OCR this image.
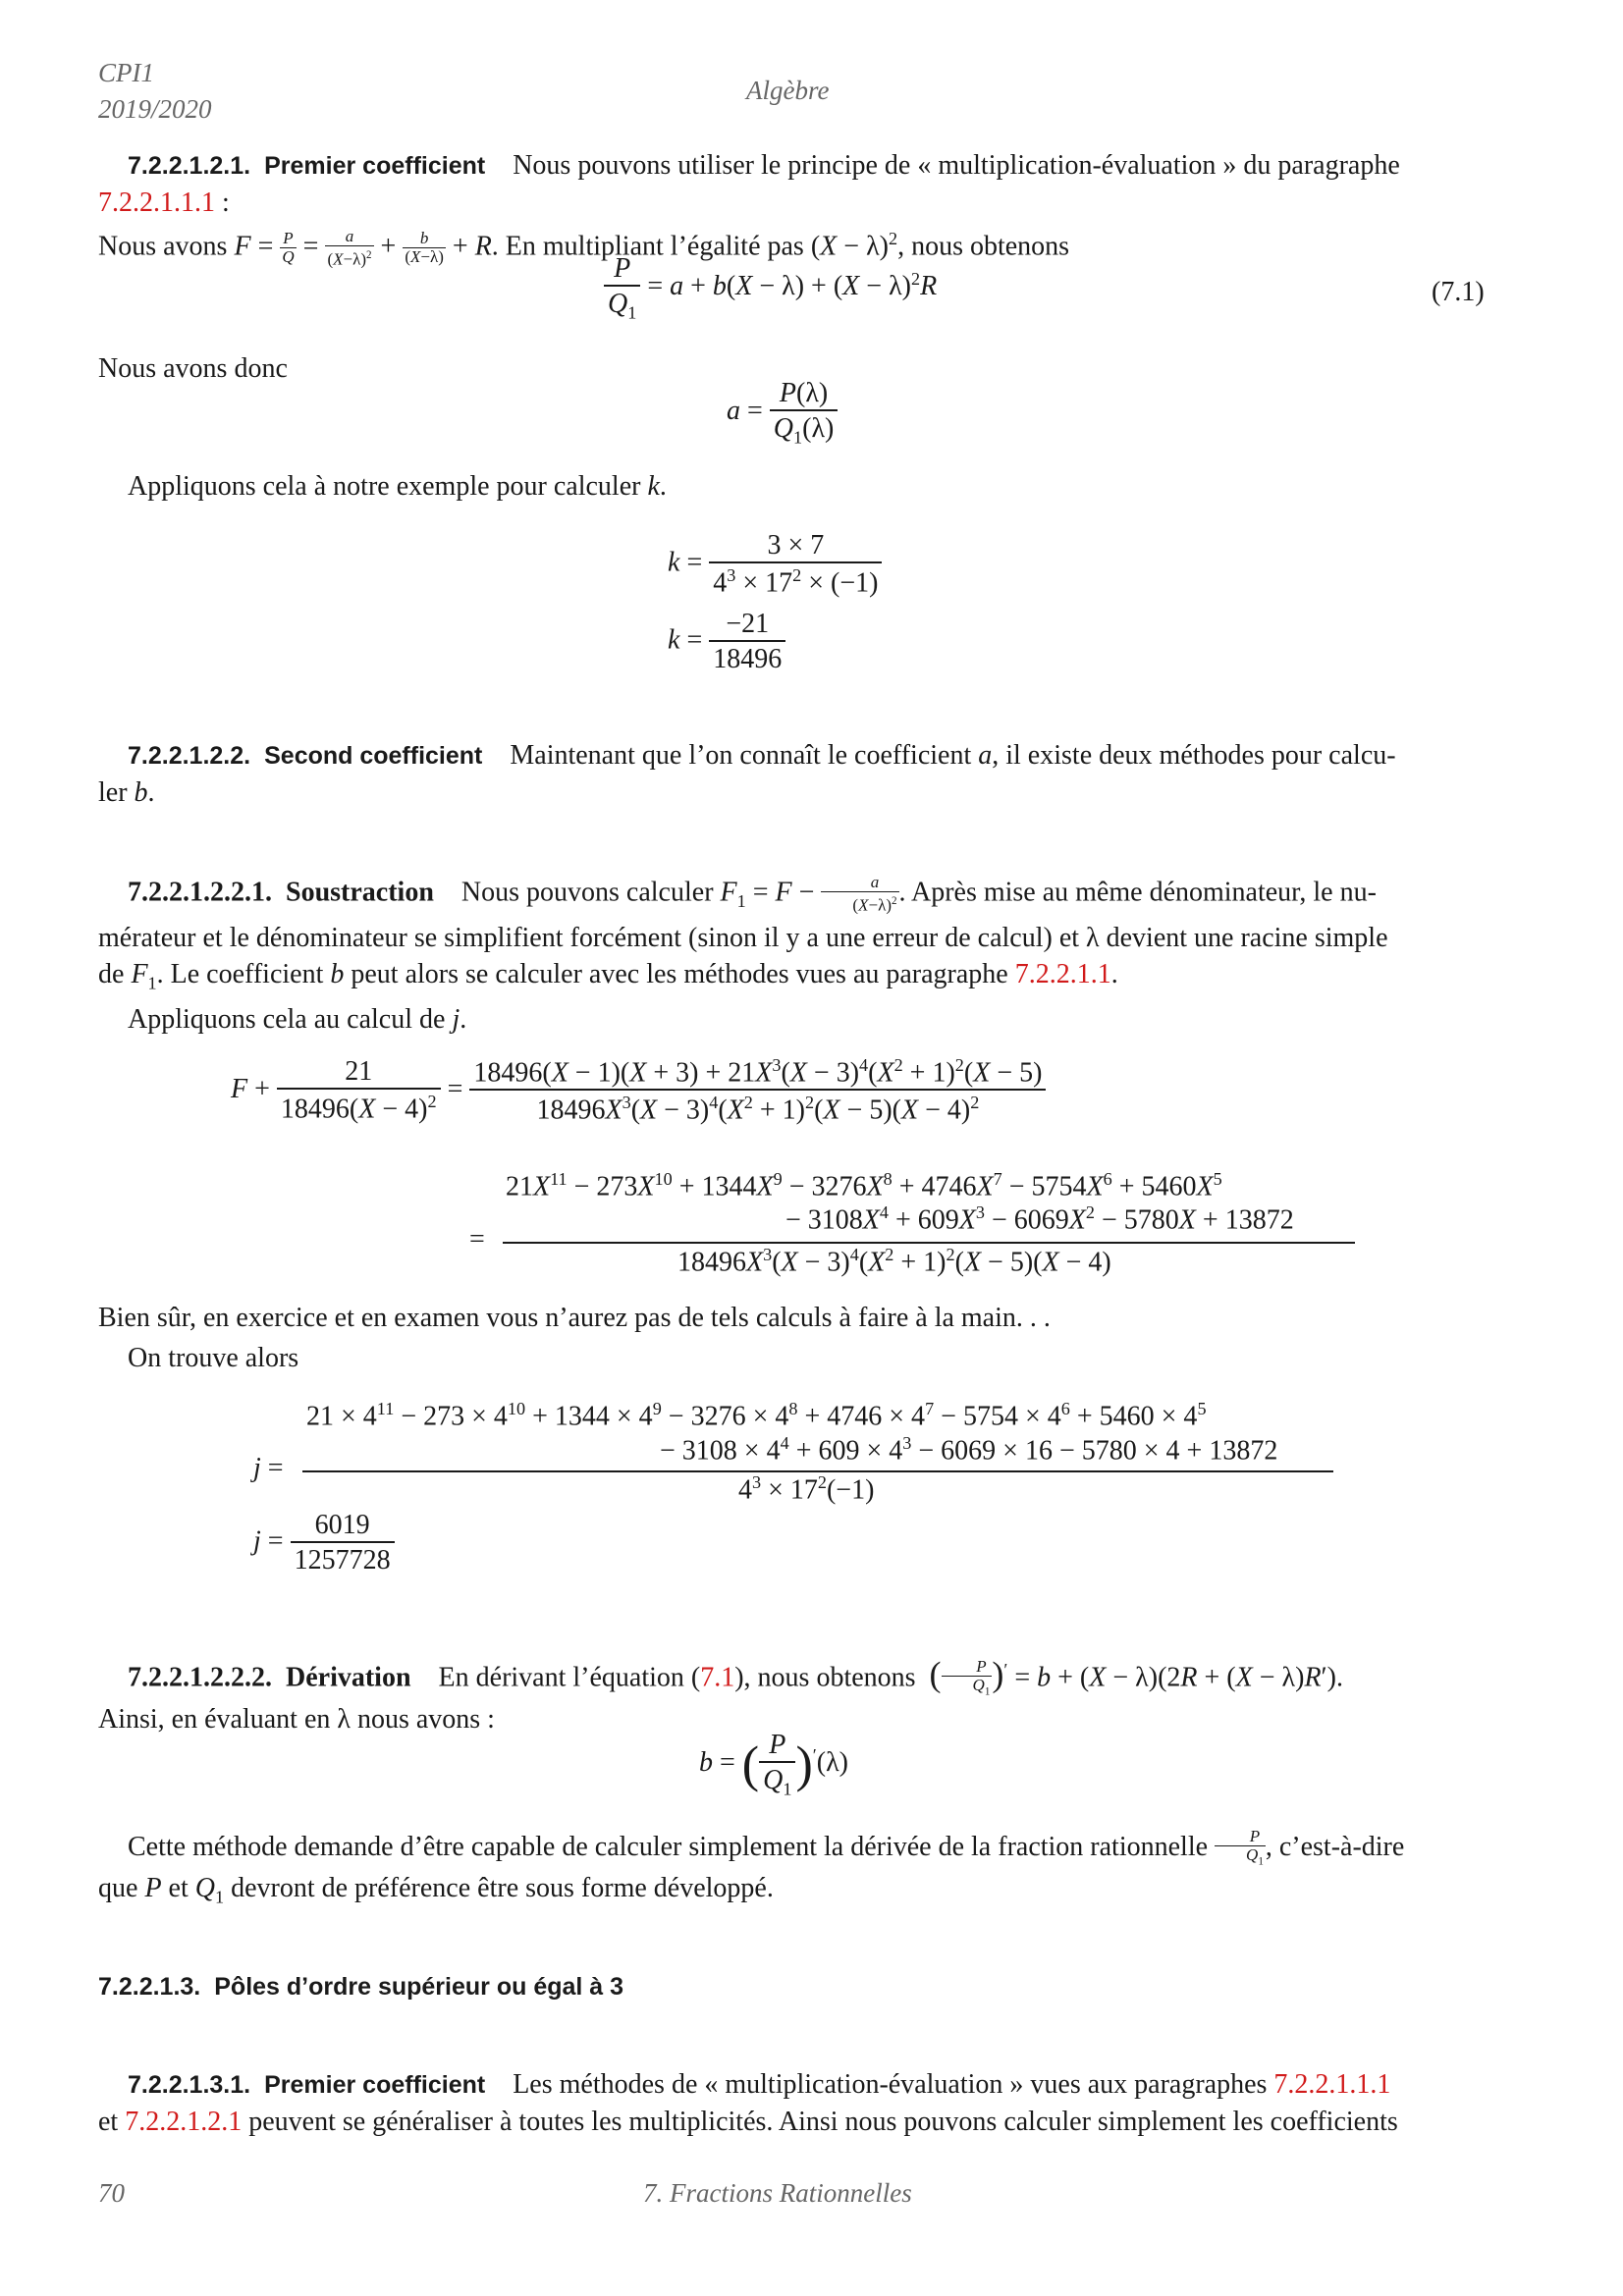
CPI1
2019/2020
Algèbre
7.2.2.1.2.1. Premier coefficient Nous pouvons utiliser le principe de « multiplication-évaluation » du paragraphe 7.2.2.1.1.1 :
Nous avons $F = \frac{P}{Q} = \frac{a}{(X-\lambda)^2} + \frac{b}{(X-\lambda)} + R$. En multipliant l’égalité pas $(X - \lambda)^2$, nous obtenons
$\frac{P}{Q_1} = a + b(X - \lambda) + (X - \lambda)^2R$	(7.1)
Nous avons donc
$a = \frac{P(\lambda)}{Q_1(\lambda)}$
Appliquons cela à notre exemple pour calculer k.
$k = \frac{3 \times 7}{4^3 \times 17^2 \times (-1)}$
$k = \frac{-21}{18496}$
7.2.2.1.2.2. Second coefficient Maintenant que l’on connaît le coefficient a, il existe deux méthodes pour calcu-
ler b.
7.2.2.1.2.2.1. Soustraction Nous pouvons calculer $F_1 = F - \frac{a}{(X-\lambda)^2}$ . Après mise au même dénominateur, le nu-
mérateur et le dénominateur se simplifient forcément (sinon il y a une erreur de calcul) et λ devient une racine simple
de $F_1$. Le coefficient b peut alors se calculer avec les méthodes vues au paragraphe 7.2.2.1.1.
Appliquons cela au calcul de j.
$F + \frac{21}{18496(X - 4)^2} = \frac{18496(X - 1)(X + 3) + 21X^3(X - 3)^4(X^2 + 1)^2(X - 5)}{18496X^3(X - 3)^4(X^2 + 1)^2(X - 5)(X - 4)^2}$
$21X^{11} - 273X^{10} + 1344X^9 - 3276X^8 + 4746X^7 - 5754X^6 + 5460X^5$
− $3108X^4 + 609X^3 - 6069X^2 - 5780X + 13872$
=
$18496X^3(X - 3)^4(X^2 + 1)^2(X - 5)(X - 4)$
Bien sûr, en exercice et en examen vous n’aurez pas de tels calculs à faire à la main. . .
On trouve alors
$21 \times 4^{11} - 273 \times 4^{10} + 1344 \times 4^9 - 3276 \times 4^8 + 4746 \times 4^7 - 5754 \times 4^6 + 5460 \times 4^5$
− $3108 \times 4^4 + 609 \times 4^3 - 6069 \times 16 - 5780 \times 4 + 13872$
j =
$4^3 \times 17^2(-1)$
$j = \frac{6019}{1257728}$
7.2.2.1.2.2.2. Dérivation En dérivant l’équation (7.1), nous obtenons ( $\frac{P}{Q_1} )' = b + (X - \lambda)(2R + (X - \lambda)R')$.
Ainsi, en évaluant en λ nous avons :
b = ( $\frac{P}{Q_1} )'(\lambda)$
Cette méthode demande d’être capable de calculer simplement la dérivée de la fraction rationnelle $\frac{P}{Q_1}$ , c’est-à-dire
que P et $Q_1$ devront de préférence être sous forme développé.
7.2.2.1.3. Pôles d’ordre supérieur ou égal à 3
7.2.2.1.3.1. Premier coefficient Les méthodes de « multiplication-évaluation » vues aux paragraphes 7.2.2.1.1.1
et 7.2.2.1.2.1 peuvent se généraliser à toutes les multiplicités. Ainsi nous pouvons calculer simplement les coefficients
70	7. Fractions Rationnelles
